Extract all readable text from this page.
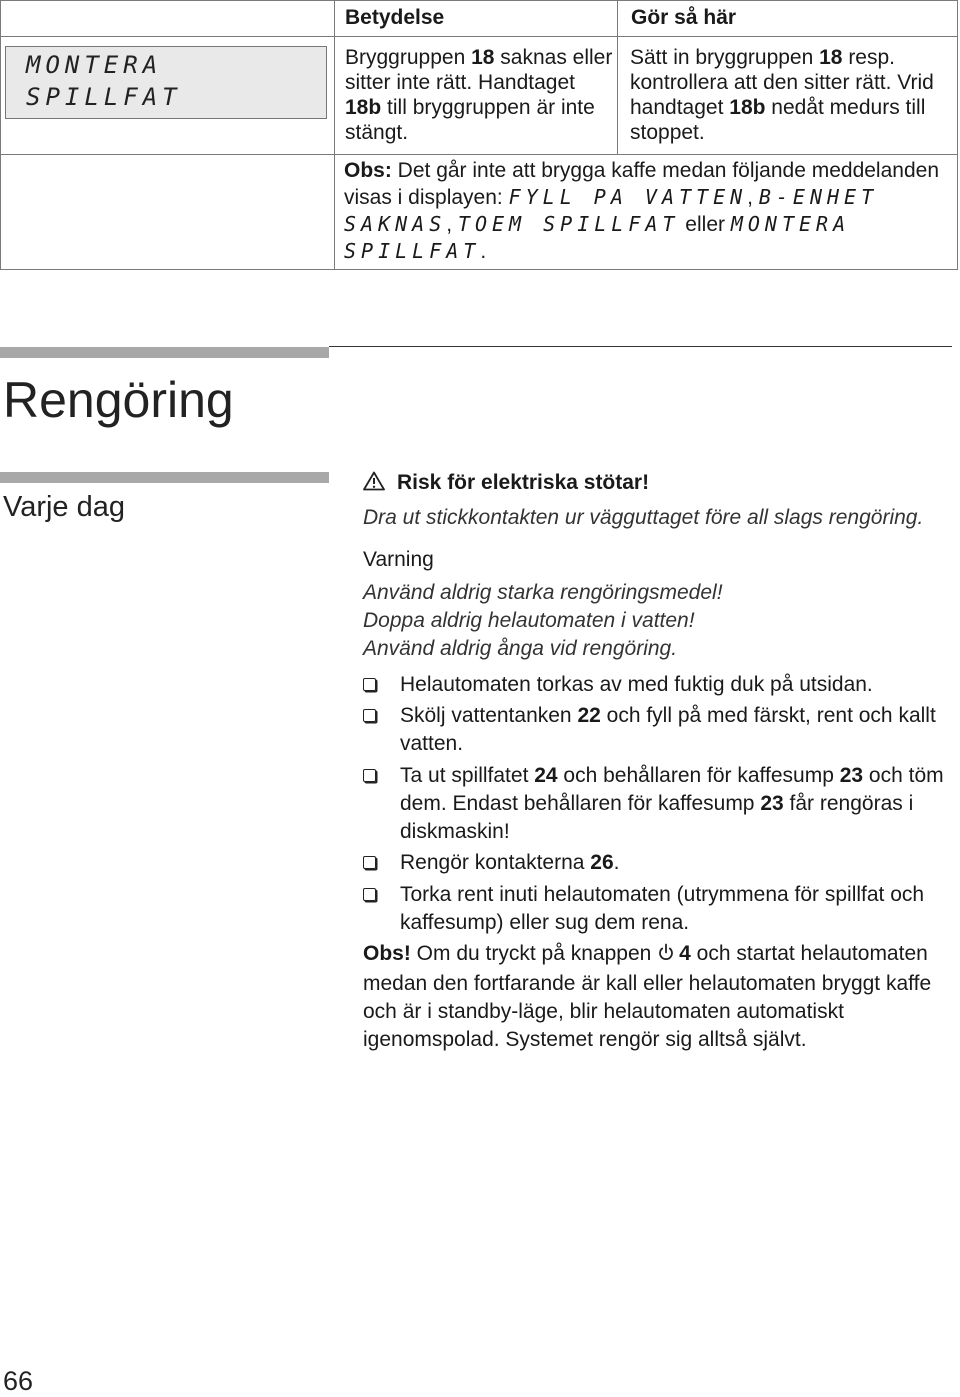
Betydelse	Gör så här
MONTERA
SPILLFAT
Bryggruppen 18 saknas eller sitter inte rätt. Handtaget 18b till bryggruppen är inte stängt.
Sätt in bryggruppen 18 resp. kontrollera att den sitter rätt. Vrid handtaget 18b nedåt medurs till stoppet.
Obs: Det går inte att brygga kaffe medan följande meddelanden visas i displayen: FYLL PA VATTEN, B-ENHET SAKNAS, TOEM SPILLFAT eller MONTERA SPILLFAT.
Rengöring
Varje dag
Risk för elektriska stötar!
Dra ut stickkontakten ur vägguttaget före all slags rengöring.
Varning
Använd aldrig starka rengöringsmedel!
Doppa aldrig helautomaten i vatten!
Använd aldrig ånga vid rengöring.
Helautomaten torkas av med fuktig duk på utsidan.
Skölj vattentanken 22 och fyll på med färskt, rent och kallt vatten.
Ta ut spillfatet 24 och behållaren för kaffesump 23 och töm dem. Endast behållaren för kaffesump 23 får rengöras i diskmaskin!
Rengör kontakterna 26.
Torka rent inuti helautomaten (utrymmena för spillfat och kaffesump) eller sug dem rena.
Obs! Om du tryckt på knappen 4 och startat helautomaten medan den fortfarande är kall eller helautomaten bryggt kaffe och är i standby-läge, blir helautomaten automatiskt igenomspolad. Systemet rengör sig alltså självt.
66
